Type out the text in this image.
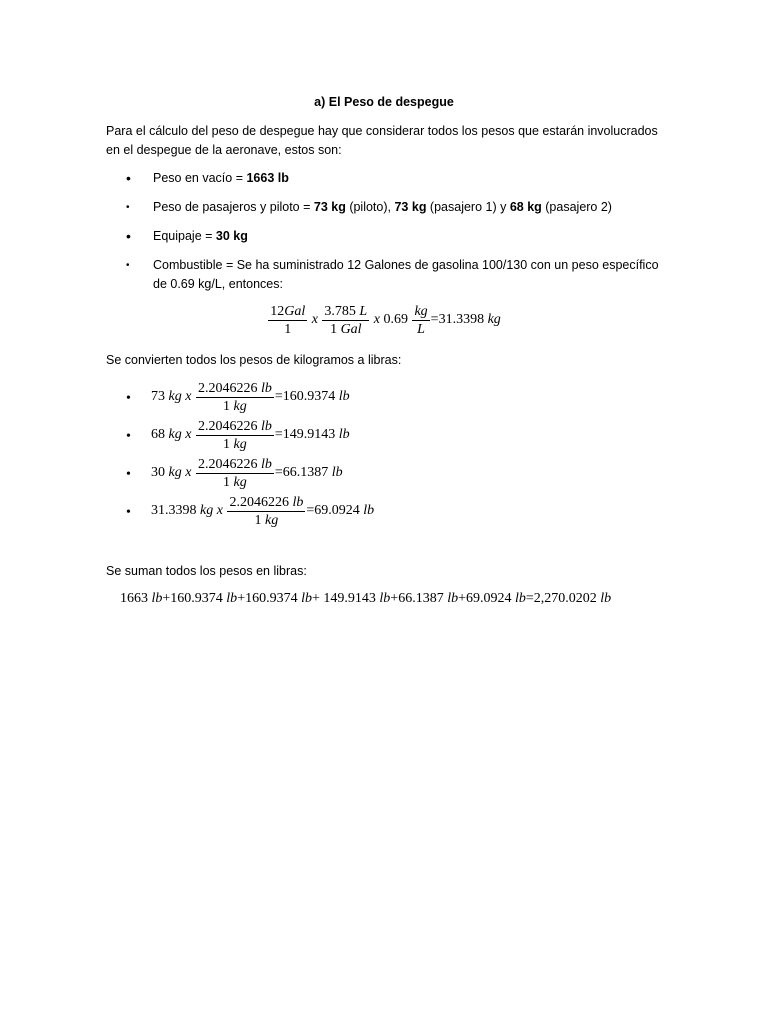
a) El Peso de despegue
Para el cálculo del peso de despegue hay que considerar todos los pesos que estarán involucrados en el despegue de la aeronave, estos son:
•	Peso en vacío = 1663 lb
•	Peso de pasajeros y piloto = 73 kg (piloto), 73 kg (pasajero 1) y 68 kg (pasajero 2)
•	Equipaje = 30 kg
•	Combustible = Se ha suministrado 12 Galones de gasolina 100/130 con un peso específico de 0.69 kg/L, entonces:
$\frac{\text{12Gal}}{1}$ x $\frac{3.785 L}{\text{1 Gal}}$ x $0.69 \frac{kg}{L} =31.3398$ kg
Se convierten todos los pesos de kilogramos a libras:
• 73 kg x $\frac{2.2046226 lb}{1 kg} =160.9374$ lb
• 68 kg x $\frac{2.2046226 lb}{1 kg} =149.9143$ lb
• 30 kg x $\frac{2.2046226 lb}{1 kg} =66.1387$ lb
• 31.3398 kg x $\frac{2.2046226 lb}{1 kg} =69.0924$ lb
Se suman todos los pesos en libras:
1663 lb+160.9374 lb+160.9374 lb+ 149.9143 lb+66.1387 lb+69.0924 lb=2,270.0202 lb
